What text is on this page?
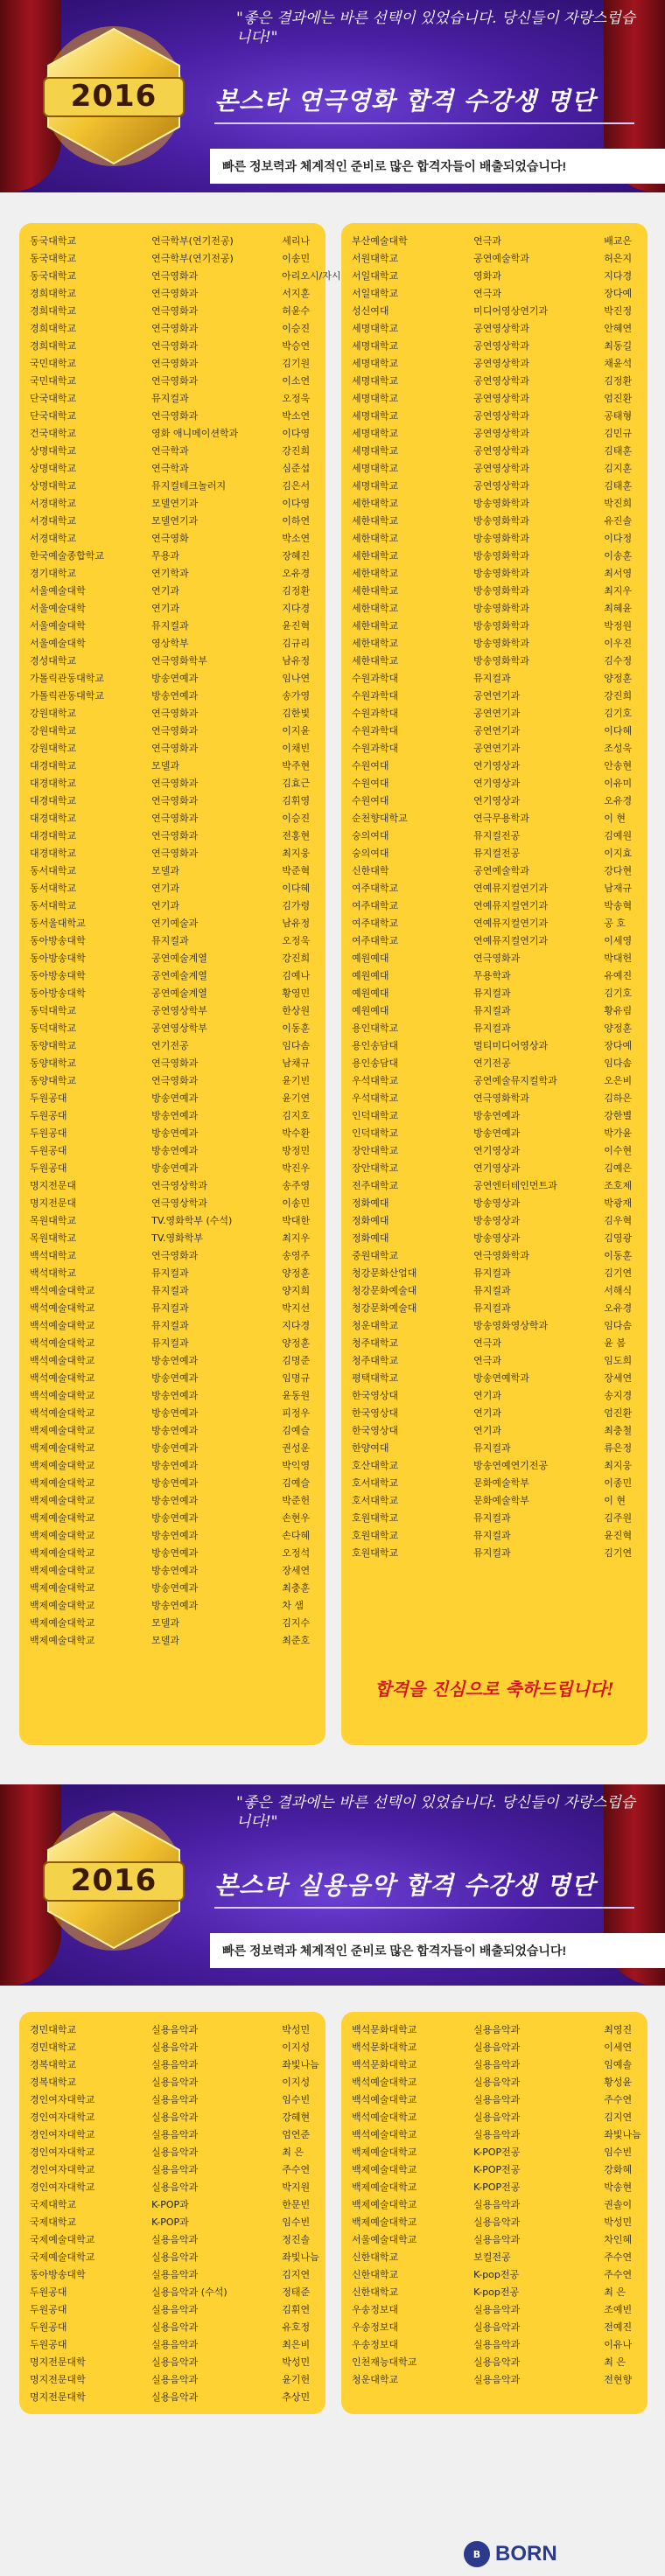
2016
"좋은 결과에는 바른 선택이 있었습니다. 당신들이 자랑스럽습니다!"
본스타 연극영화 합격 수강생 명단
빠른 정보력과 체계적인 준비로 많은 합격자들이 배출되었습니다!
동국대학교	연극학부(연기전공)	세리나
동국대학교	연극학부(연기전공)	이송민
동국대학교	연극영화과	아리오시/자시
경희대학교	연극영화과	서지훈
경희대학교	연극영화과	허윤수
경희대학교	연극영화과	이승진
경희대학교	연극영화과	박승연
국민대학교	연극영화과	김기원
국민대학교	연극영화과	이소연
단국대학교	뮤지컬과	오정욱
단국대학교	연극영화과	박소연
건국대학교	영화 애니메이션학과	이다영
상명대학교	연극학과	강진희
상명대학교	연극학과	심준섭
상명대학교	뮤지컬테크놀러지	김은서
서경대학교	모델연기과	이다영
서경대학교	모델연기과	이하연
서경대학교	연극영화	박소연
한국예술종합학교	무용과	장혜진
경기대학교	연기학과	오유경
서울예술대학	연기과	김정환
서울예술대학	연기과	지다경
서울예술대학	뮤지컬과	윤진혁
서울예술대학	영상학부	김규리
경성대학교	연극영화학부	남유정
가톨릭관동대학교	방송연예과	임나연
가톨릭관동대학교	방송연예과	송가영
강원대학교	연극영화과	김한빛
강원대학교	연극영화과	이지윤
강원대학교	연극영화과	이채빈
대경대학교	모델과	박주현
대경대학교	연극영화과	김효근
대경대학교	연극영화과	김휘영
대경대학교	연극영화과	이승진
대경대학교	연극영화과	전홍현
대경대학교	연극영화과	최지웅
동서대학교	모델과	박준혁
동서대학교	연기과	이다혜
동서대학교	연기과	김가령
동서울대학교	연기예술과	남유정
동아방송대학	뮤지컬과	오정욱
동아방송대학	공연예술계열	강진희
동아방송대학	공연예술계열	김예나
동아방송대학	공연예술계열	황영민
동덕대학교	공연영상학부	한상원
동덕대학교	공연영상학부	이동훈
동양대학교	연기전공	임다솜
동양대학교	연극영화과	남채규
동양대학교	연극영화과	윤기빈
두원공대	방송연예과	윤기연
두원공대	방송연예과	김지호
두원공대	방송연예과	박수환
두원공대	방송연예과	방정민
두원공대	방송연예과	박진우
명지전문대	연극영상학과	송주영
명지전문대	연극영상학과	이송민
목원대학교	TV.영화학부 (수석)	박대한
목원대학교	TV.영화학부	최지우
백석대학교	연극영화과	송영주
백석대학교	뮤지컬과	양정훈
백석예술대학교	뮤지컬과	양지희
백석예술대학교	뮤지컬과	박지선
백석예술대학교	뮤지컬과	지다경
백석예술대학교	뮤지컬과	양정훈
백석예술대학교	방송연예과	김명준
백석예술대학교	방송연예과	임명규
백석예술대학교	방송연예과	윤동원
백석예술대학교	방송연예과	피정우
백제예술대학교	방송연예과	김예슬
백제예술대학교	방송연예과	권성운
백제예술대학교	방송연예과	박익영
백제예술대학교	방송연예과	김예슬
백제예술대학교	방송연예과	박준헌
백제예술대학교	방송연예과	손현우
백제예술대학교	방송연예과	손다혜
백제예술대학교	방송연예과	오정석
백제예술대학교	방송연예과	장세연
백제예술대학교	방송연예과	최충훈
백제예술대학교	방송연예과	차 샘
백제예술대학교	모델과	김지수
백제예술대학교	모델과	최준호
부산예술대학	연극과	배교은
서원대학교	공연예술학과	허은지
서일대학교	영화과	지다경
서일대학교	연극과	장다예
성신여대	미디어영상연기과	박진정
세명대학교	공연영상학과	안혜연
세명대학교	공연영상학과	최동길
세명대학교	공연영상학과	채윤석
세명대학교	공연영상학과	김정환
세명대학교	공연영상학과	엄진환
세명대학교	공연영상학과	공태형
세명대학교	공연영상학과	김민규
세명대학교	공연영상학과	김태훈
세명대학교	공연영상학과	김지훈
세명대학교	공연영상학과	김태훈
세한대학교	방송영화학과	박진희
세한대학교	방송영화학과	유진솔
세한대학교	방송영화학과	이다정
세한대학교	방송영화학과	이송훈
세한대학교	방송영화학과	최서영
세한대학교	방송영화학과	최지우
세한대학교	방송영화학과	최혜윤
세한대학교	방송영화학과	박정원
세한대학교	방송영화학과	이우진
세한대학교	방송영화학과	김수정
수원과학대	뮤지컬과	양정훈
수원과학대	공연연기과	강진희
수원과학대	공연연기과	김기호
수원과학대	공연연기과	이다혜
수원과학대	공연연기과	조성욱
수원여대	연기영상과	안송현
수원여대	연기영상과	이유미
수원여대	연기영상과	오유경
순천향대학교	연극무용학과	이 현
숭의여대	뮤지컬전공	김예원
숭의여대	뮤지컬전공	이지효
신한대학	공연예술학과	강다현
여주대학교	연예뮤지컬연기과	남재규
여주대학교	연예뮤지컬연기과	박송혁
여주대학교	연예뮤지컬연기과	공 호
여주대학교	연예뮤지컬연기과	이세영
예원예대	연극영화과	박대헌
예원예대	무용학과	유예진
예원예대	뮤지컬과	김기호
예원예대	뮤지컬과	황유림
용인대학교	뮤지컬과	양정훈
용인송담대	멀티미디어영상과	장다예
용인송담대	연기전공	임다솜
우석대학교	공연예술뮤지컬학과	오은비
우석대학교	연극영화학과	김하은
인덕대학교	방송연예과	강한별
인덕대학교	방송연예과	박가윤
장안대학교	연기영상과	이수현
장안대학교	연기영상과	김예은
전주대학교	공연엔터테인먼트과	조호제
정화예대	방송영상과	박광재
정화예대	방송영상과	김우혁
정화예대	방송영상과	김영광
중원대학교	연극영화학과	이동훈
청강문화산업대	뮤지컬과	김기연
청강문화예술대	뮤지컬과	서해식
청강문화예술대	뮤지컬과	오유경
청운대학교	방송영화영상학과	임다솜
청주대학교	연극과	윤 봄
청주대학교	연극과	임도희
평택대학교	방송연예학과	장세연
한국영상대	연기과	송지경
한국영상대	연기과	엄진환
한국영상대	연기과	최충철
한양여대	뮤지컬과	류은정
호산대학교	방송연예연기전공	최지웅
호서대학교	문화예술학부	이종민
호서대학교	문화예술학부	이 현
호원대학교	뮤지컬과	김주원
호원대학교	뮤지컬과	윤진혁
호원대학교	뮤지컬과	김기연
합격을 진심으로 축하드립니다!
2016
"좋은 결과에는 바른 선택이 있었습니다. 당신들이 자랑스럽습니다!"
본스타 실용음악 합격 수강생 명단
빠른 정보력과 체계적인 준비로 많은 합격자들이 배출되었습니다!
경민대학교	실용음악과	박성민
경민대학교	실용음악과	이지성
경복대학교	실용음악과	좌빛나늠
경복대학교	실용음악과	이지성
경인여자대학교	실용음악과	임수빈
경인여자대학교	실용음악과	강혜현
경인여자대학교	실용음악과	엄연준
경인여자대학교	실용음악과	최 은
경인여자대학교	실용음악과	주수연
경인여자대학교	실용음악과	박지원
국제대학교	K-POP과	한문빈
국제대학교	K-POP과	임수빈
국제예술대학교	실용음악과	정진솔
국제예술대학교	실용음악과	좌빛나늠
동아방송대학	실용음악과	김지연
두원공대	실용음악과 (수석)	정태준
두원공대	실용음악과	김휘연
두원공대	실용음악과	유호정
두원공대	실용음악과	최은비
명지전문대학	실용음악과	박성민
명지전문대학	실용음악과	윤기헌
명지전문대학	실용음악과	추상민
백석문화대학교	실용음악과	최영진
백석문화대학교	실용음악과	이세연
백석문화대학교	실용음악과	임예솔
백석예술대학교	실용음악과	황성윤
백석예술대학교	실용음악과	주수연
백석예술대학교	실용음악과	김지연
백석예술대학교	실용음악과	좌빛나늠
백제예술대학교	K-POP전공	임수빈
백제예술대학교	K-POP전공	강화혜
백제예술대학교	K-POP전공	박송현
백제예술대학교	실용음악과	권솔이
백제예술대학교	실용음악과	박성민
서울예술대학교	실용음악과	차인혜
신한대학교	보컬전공	주수연
신한대학교	K-pop전공	주수연
신한대학교	K-pop전공	최 은
우송정보대	실용음악과	조예빈
우송정보대	실용음악과	전예진
우송정보대	실용음악과	이유나
인천재능대학교	실용음악과	최 은
청운대학교	실용음악과	전현향
B BORN
